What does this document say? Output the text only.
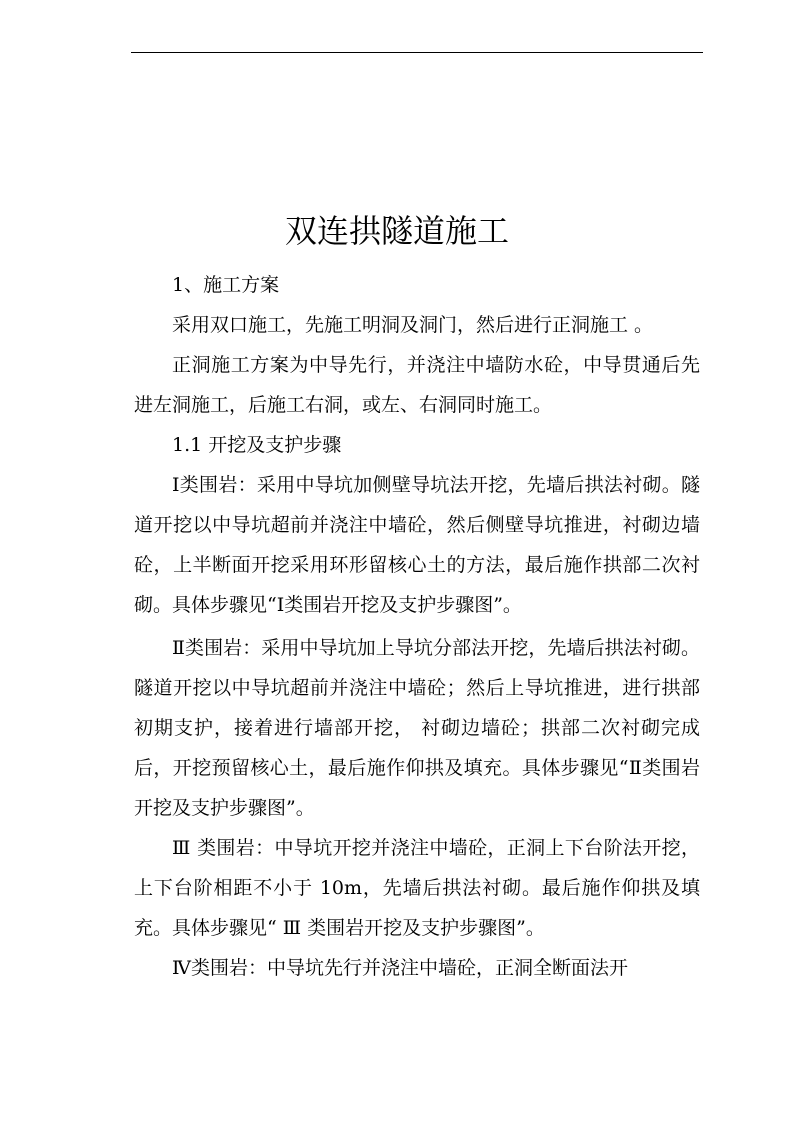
双连拱隧道施工

1、施工方案

采用双口施工，先施工明洞及洞门，然后进行正洞施工 。

正洞施工方案为中导先行，并浇注中墙防水砼，中导贯通后先进左洞施工，后施工右洞，或左、右洞同时施工。

1.1 开挖及支护步骤

Ⅰ类围岩：采用中导坑加侧壁导坑法开挖，先墙后拱法衬砌。隧道开挖以中导坑超前并浇注中墙砼，然后侧壁导坑推进，衬砌边墙砼，上半断面开挖采用环形留核心土的方法，最后施作拱部二次衬砌。具体步骤见“Ⅰ类围岩开挖及支护步骤图”。

Ⅱ类围岩：采用中导坑加上导坑分部法开挖，先墙后拱法衬砌。隧道开挖以中导坑超前并浇注中墙砼；然后上导坑推进，进行拱部初期支护，接着进行墙部开挖， 衬砌边墙砼；拱部二次衬砌完成后，开挖预留核心土，最后施作仰拱及填充。具体步骤见“Ⅱ类围岩开挖及支护步骤图”。

Ⅲ 类围岩：中导坑开挖并浇注中墙砼，正洞上下台阶法开挖，上下台阶相距不小于 10m，先墙后拱法衬砌。最后施作仰拱及填充。具体步骤见“ Ⅲ 类围岩开挖及支护步骤图”。

Ⅳ类围岩：中导坑先行并浇注中墙砼，正洞全断面法开
